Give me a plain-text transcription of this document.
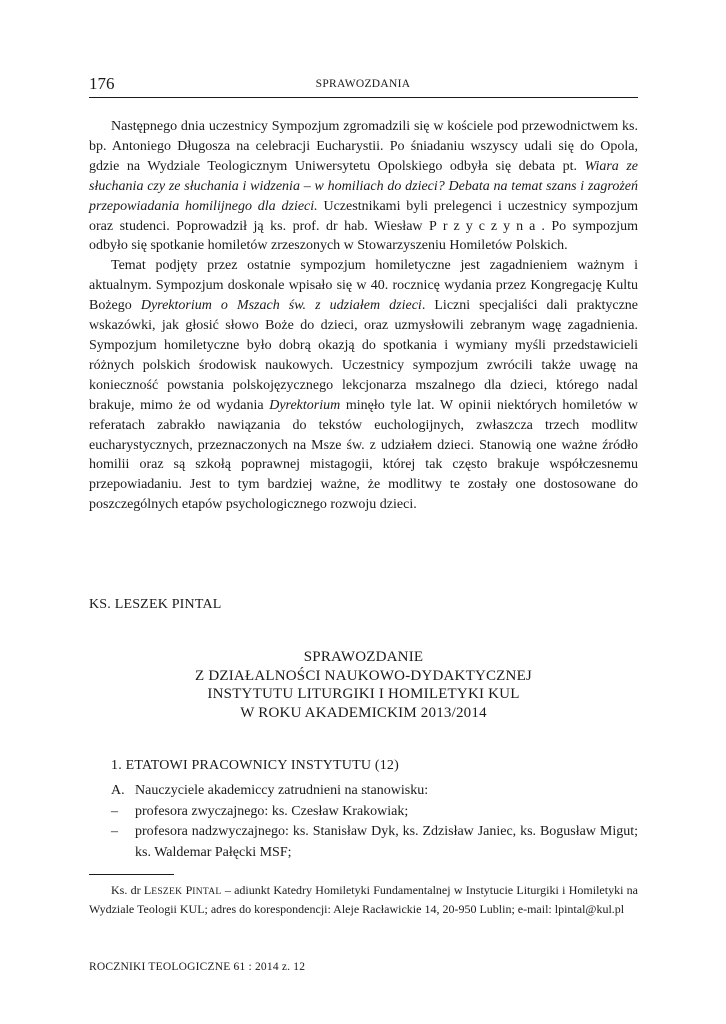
176	SPRAWOZDANIA

Następnego dnia uczestnicy Sympozjum zgromadzili się w kościele pod przewodnictwem ks. bp. Antoniego Długosza na celebracji Eucharystii. Po śniadaniu wszyscy udali się do Opola, gdzie na Wydziale Teologicznym Uniwersytetu Opolskiego odbyła się debata pt. Wiara ze słuchania czy ze słuchania i widzenia – w homiliach do dzieci? Debata na temat szans i zagrożeń przepowiadania homilijnego dla dzieci. Uczestnikami byli prelegenci i uczestnicy sympozjum oraz studenci. Poprowadził ją ks. prof. dr hab. Wiesław Przyczyna. Po sympozjum odbyło się spotkanie homiletów zrzeszonych w Stowarzyszeniu Homiletów Polskich.

Temat podjęty przez ostatnie sympozjum homiletyczne jest zagadnieniem ważnym i aktualnym. Sympozjum doskonale wpisało się w 40. rocznicę wydania przez Kongregację Kultu Bożego Dyrektorium o Mszach św. z udziałem dzieci. Liczni specjaliści dali praktyczne wskazówki, jak głosić słowo Boże do dzieci, oraz uzmysłowili zebranym wagę zagadnienia. Sympozjum homiletyczne było dobrą okazją do spotkania i wymiany myśli przedstawicieli różnych polskich środowisk naukowych. Uczestnicy sympozjum zwrócili także uwagę na konieczność powstania polskojęzycznego lekcjonarza mszalnego dla dzieci, którego nadal brakuje, mimo że od wydania Dyrektorium minęło tyle lat. W opinii niektórych homiletów w referatach zabrakło nawiązania do tekstów euchologijnych, zwłaszcza trzech modlitw eucharystycznych, przeznaczonych na Msze św. z udziałem dzieci. Stanowią one ważne źródło homilii oraz są szkołą poprawnej mistagogii, której tak często brakuje współczesnemu przepowiadaniu. Jest to tym bardziej ważne, że modlitwy te zostały one dostosowane do poszczególnych etapów psychologicznego rozwoju dzieci.

KS. LESZEK PINTAL
SPRAWOZDANIE
Z DZIAŁALNOŚCI NAUKOWO-DYDAKTYCZNEJ
INSTYTUTU LITURGIKI I HOMILETYKI KUL
W ROKU AKADEMICKIM 2013/2014
1. ETATOWI PRACOWNICY INSTYTUTU (12)
A. Nauczyciele akademiccy zatrudnieni na stanowisku:
– profesora zwyczajnego: ks. Czesław Krakowiak;
– profesora nadzwyczajnego: ks. Stanisław Dyk, ks. Zdzisław Janiec, ks. Bogusław Migut; ks. Waldemar Pałęcki MSF;

Ks. dr LESZEK PINTAL – adiunkt Katedry Homiletyki Fundamentalnej w Instytucie Liturgiki i Homiletyki na Wydziale Teologii KUL; adres do korespondencji: Aleje Racławickie 14, 20-950 Lublin; e-mail: lpintal@kul.pl

ROCZNIKI TEOLOGICZNE 61 : 2014 z. 12
